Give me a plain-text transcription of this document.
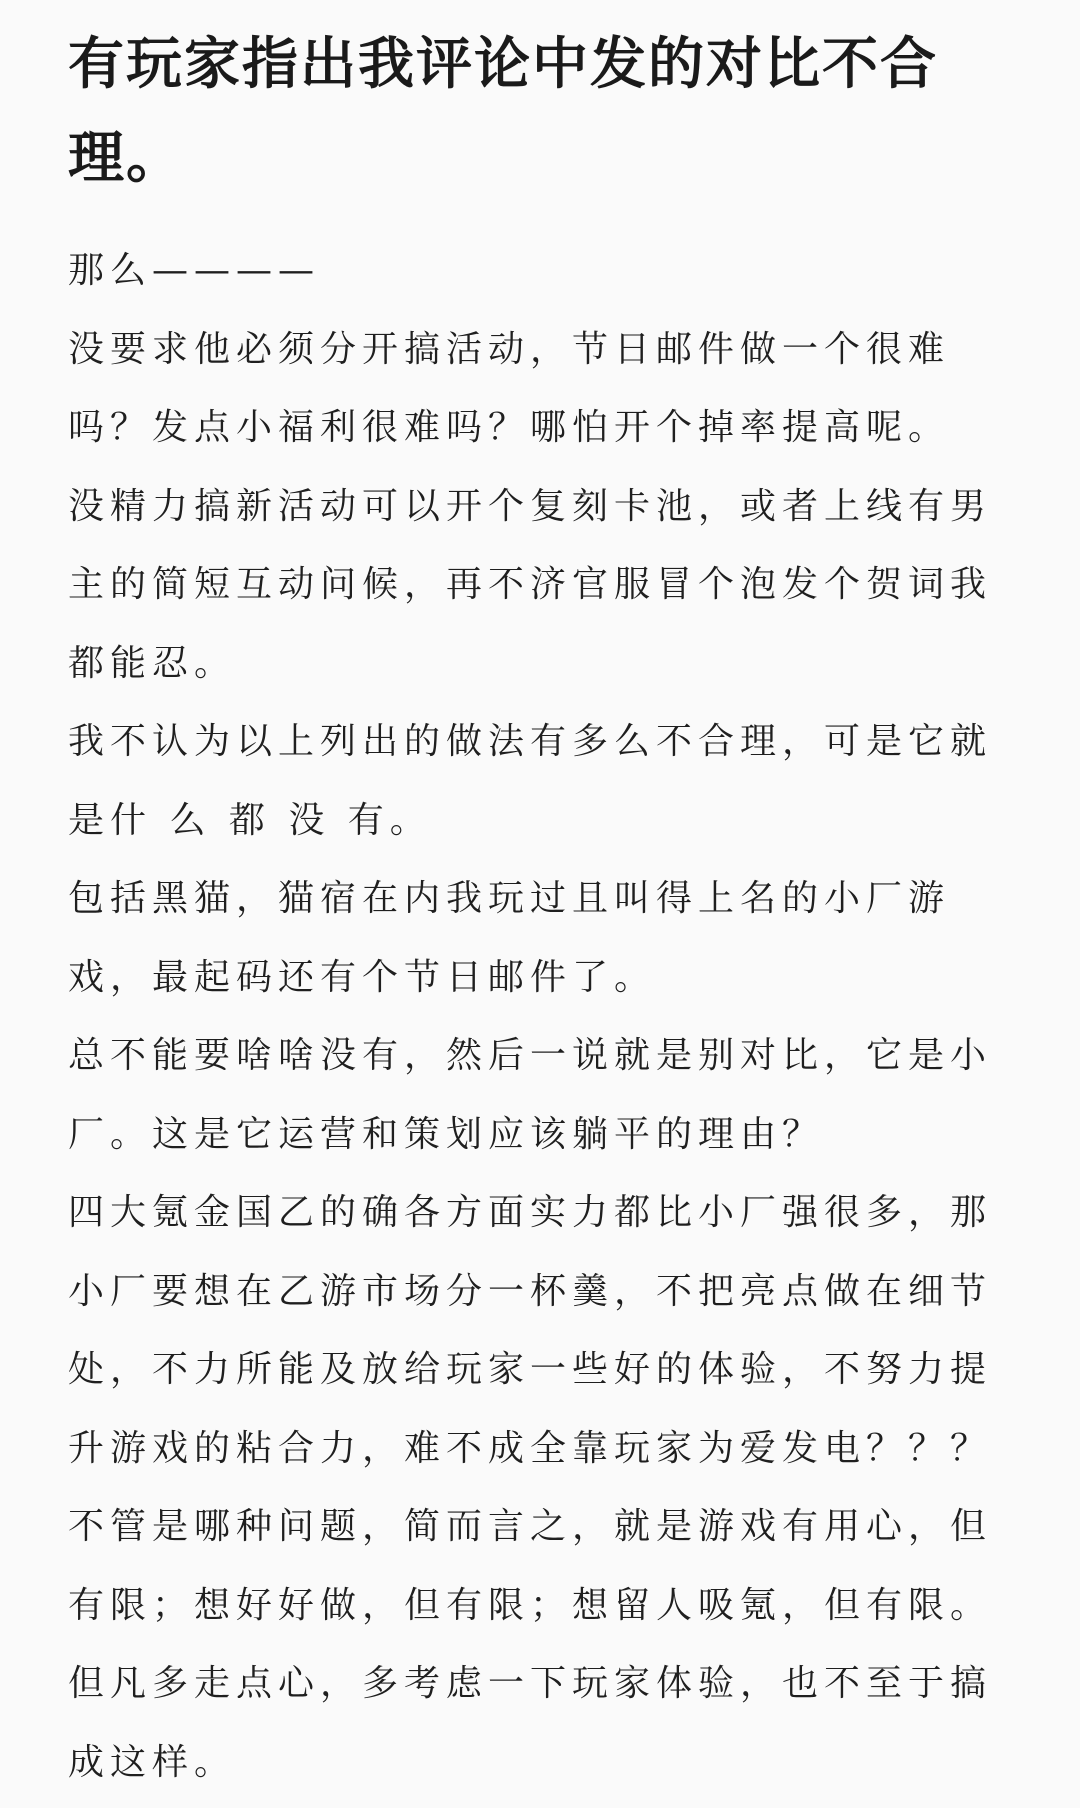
有玩家指出我评论中发的对比不合理。

那么————

没要求他必须分开搞活动，节日邮件做一个很难吗？发点小福利很难吗？哪怕开个掉率提高呢。

没精力搞新活动可以开个复刻卡池，或者上线有男主的简短互动问候，再不济官服冒个泡发个贺词我都能忍。

我不认为以上列出的做法有多么不合理，可是它就是什 么 都 没 有。

包括黑猫，猫宿在内我玩过且叫得上名的小厂游戏，最起码还有个节日邮件了。

总不能要啥啥没有，然后一说就是别对比，它是小厂。这是它运营和策划应该躺平的理由？

四大氪金国乙的确各方面实力都比小厂强很多，那小厂要想在乙游市场分一杯羹，不把亮点做在细节处，不力所能及放给玩家一些好的体验，不努力提升游戏的粘合力，难不成全靠玩家为爱发电？？？

不管是哪种问题，简而言之，就是游戏有用心，但有限；想好好做，但有限；想留人吸氪，但有限。

但凡多走点心，多考虑一下玩家体验，也不至于搞成这样。
